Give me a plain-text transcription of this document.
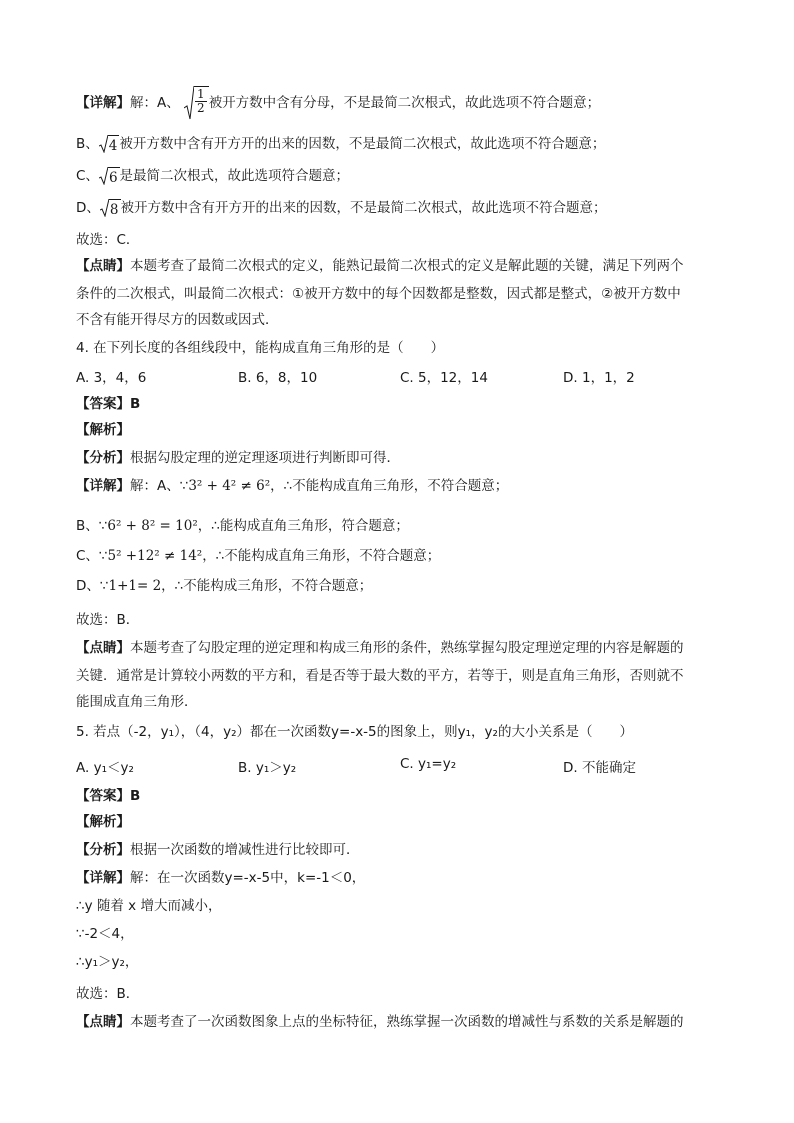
【详解】解：A、 $\frac{1}{2}$ 被开方数中含有分母，不是最简二次根式，故此选项不符合题意；
B、 4 被开方数中含有开方开的出来的因数，不是最简二次根式，故此选项不符合题意；
C、 6 是最简二次根式，故此选项符合题意；
D、 8 被开方数中含有开方开的出来的因数，不是最简二次根式，故此选项不符合题意；
故选：C．
【点睛】本题考查了最简二次根式的定义，能熟记最简二次根式的定义是解此题的关键，满足下列两个
条件的二次根式，叫最简二次根式：①被开方数中的每个因数都是整数，因式都是整式，②被开方数中
不含有能开得尽方的因数或因式．
4. 在下列长度的各组线段中，能构成直角三角形的是（　　）
A. 3，4，6	B. 6，8，10	C. 5，12，14	D. 1，1，2
【答案】B
【解析】
【分析】根据勾股定理的逆定理逐项进行判断即可得．
【详解】解：A、∵3² + 4² ≠ 6²，∴不能构成直角三角形，不符合题意；
B、∵6² + 8² = 10²，∴能构成直角三角形，符合题意；
C、∵5² +12² ≠ 14²，∴不能构成直角三角形，不符合题意；
D、∵1+1= 2，∴不能构成三角形，不符合题意；
故选：B．
【点睛】本题考查了勾股定理的逆定理和构成三角形的条件，熟练掌握勾股定理逆定理的内容是解题的
关键．通常是计算较小两数的平方和，看是否等于最大数的平方，若等于，则是直角三角形，否则就不
能围成直角三角形．
5. 若点（-2，y₁），（4，y₂）都在一次函数y=-x-5的图象上，则y₁，y₂的大小关系是（　　）
A. y₁＜y₂	B. y₁＞y₂	C. y₁=y₂	D. 不能确定
【答案】B
【解析】
【分析】根据一次函数的增减性进行比较即可．
【详解】解：在一次函数y=-x-5中，k=-1＜0，
∴y 随着 x 增大而减小，
∵-2＜4，
∴y₁＞y₂，
故选：B．
【点睛】本题考查了一次函数图象上点的坐标特征，熟练掌握一次函数的增减性与系数的关系是解题的
